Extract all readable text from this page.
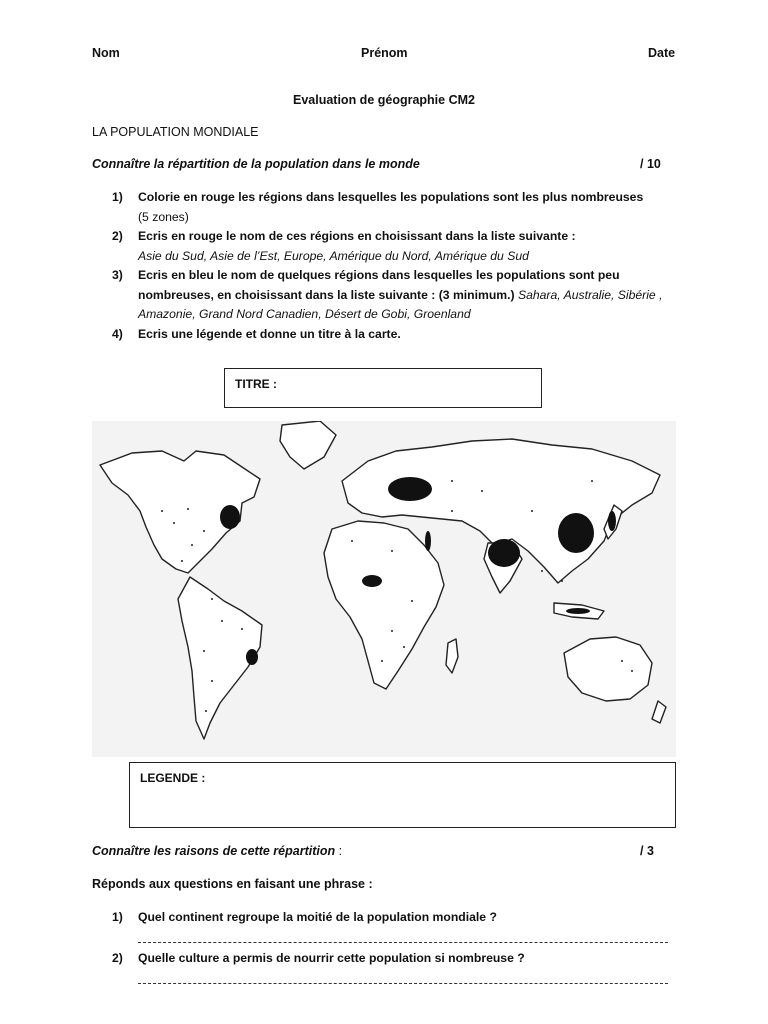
Nom	Prénom	Date
Evaluation de géographie CM2
LA POPULATION MONDIALE
Connaître la répartition de la population dans le monde	/ 10
1) Colorie en rouge les régions dans lesquelles les populations sont les plus nombreuses
(5 zones)
2) Ecris en rouge le nom de ces régions en choisissant dans la liste suivante :
Asie du Sud, Asie de l’Est, Europe, Amérique du Nord, Amérique du Sud
3) Ecris en bleu le nom de quelques régions dans lesquelles les populations sont peu
nombreuses, en choisissant dans la liste suivante : (3 minimum.) Sahara, Australie, Sibérie ,
Amazonie, Grand Nord Canadien, Désert de Gobi, Groenland
4) Ecris une légende et donne un titre à la carte.
TITRE :
LEGENDE :
Connaître les raisons de cette répartition :	/ 3
Réponds aux questions en faisant une phrase :
1) Quel continent regroupe la moitié de la population mondiale ?
2) Quelle culture a permis de nourrir cette population si nombreuse ?
